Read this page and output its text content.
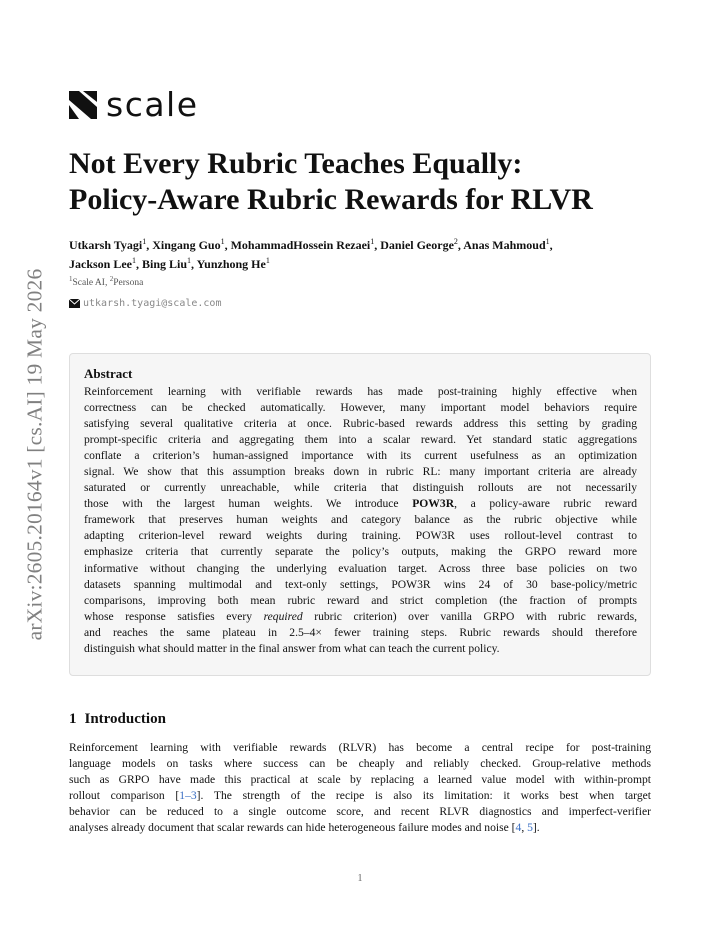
arXiv:2605.20164v1 [cs.AI] 19 May 2026
scale
Not Every Rubric Teaches Equally:
Policy-Aware Rubric Rewards for RLVR
Utkarsh Tyagi$^1$, Xingang Guo$^1$, MohammadHossein Rezaei$^1$, Daniel George$^2$, Anas Mahmoud$^1$,
Jackson Lee$^1$, Bing Liu$^1$, Yunzhong He$^1$
$^1$Scale AI, $^2$Persona
utkarsh.tyagi@scale.com
Abstract
Reinforcement learning with verifiable rewards has made post-training highly effective when
correctness can be checked automatically. However, many important model behaviors require
satisfying several qualitative criteria at once. Rubric-based rewards address this setting by grading
prompt-specific criteria and aggregating them into a scalar reward. Yet standard static aggregations
conflate a criterion’s human-assigned importance with its current usefulness as an optimization
signal. We show that this assumption breaks down in rubric RL: many important criteria are already
saturated or currently unreachable, while criteria that distinguish rollouts are not necessarily
those with the largest human weights. We introduce POW3R, a policy-aware rubric reward
framework that preserves human weights and category balance as the rubric objective while
adapting criterion-level reward weights during training. POW3R uses rollout-level contrast to
emphasize criteria that currently separate the policy’s outputs, making the GRPO reward more
informative without changing the underlying evaluation target. Across three base policies on two
datasets spanning multimodal and text-only settings, POW3R wins 24 of 30 base-policy/metric
comparisons, improving both mean rubric reward and strict completion (the fraction of prompts
whose response satisfies every required rubric criterion) over vanilla GRPO with rubric rewards,
and reaches the same plateau in 2.5–4× fewer training steps. Rubric rewards should therefore
distinguish what should matter in the final answer from what can teach the current policy.
1 Introduction
Reinforcement learning with verifiable rewards (RLVR) has become a central recipe for post-training
language models on tasks where success can be cheaply and reliably checked. Group-relative methods
such as GRPO have made this practical at scale by replacing a learned value model with within-prompt
rollout comparison [1–3]. The strength of the recipe is also its limitation: it works best when target
behavior can be reduced to a single outcome score, and recent RLVR diagnostics and imperfect-verifier
analyses already document that scalar rewards can hide heterogeneous failure modes and noise [4, 5].
1
